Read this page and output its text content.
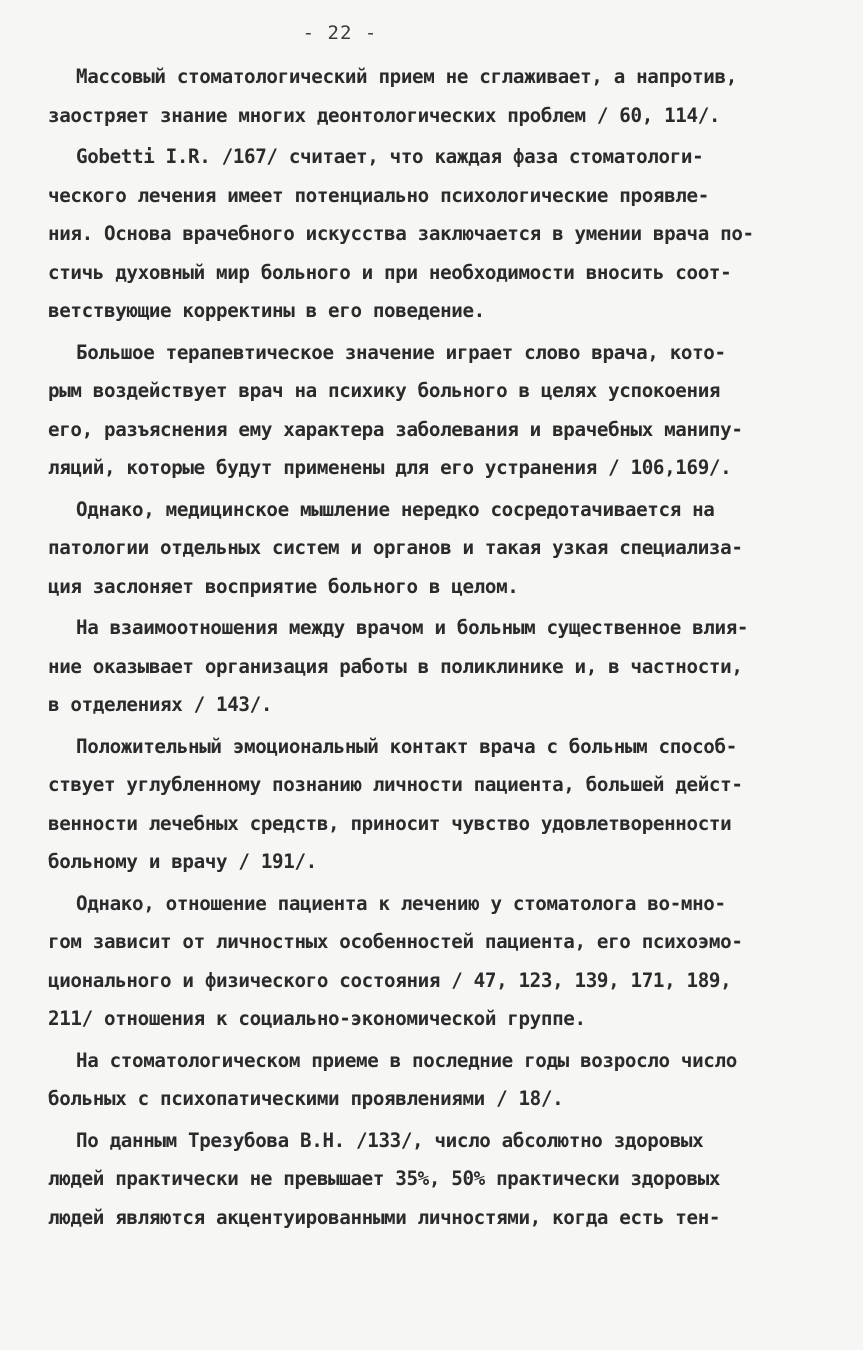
- 22 -

Массовый стоматологический прием не сглаживает, а напротив,
заостряет знание многих деонтологических проблем / 60, 114/.

Gobetti I.R. /167/ считает, что каждая фаза стоматологи-
ческого лечения имеет потенциально психологические проявле-
ния. Основа врачебного искусства заключается в умении врача по-
стичь духовный мир больного и при необходимости вносить соот-
ветствующие корректины в его поведение.

Большое терапевтическое значение играет слово врача, кото-
рым воздействует врач на психику больного в целях успокоения
его, разъяснения ему характера заболевания и врачебных манипу-
ляций, которые будут применены для его устранения / 106,169/.

Однако, медицинское мышление нередко сосредотачивается на
патологии отдельных систем и органов и такая узкая специализа-
ция заслоняет восприятие больного в целом.

На взаимоотношения между врачом и больным существенное влия-
ние оказывает организация работы в поликлинике и, в частности,
в отделениях / 143/.

Положительный эмоциональный контакт врача с больным способ-
ствует углубленному познанию личности пациента, большей дейст-
венности лечебных средств, приносит чувство удовлетворенности
больному и врачу / 191/.

Однако, отношение пациента к лечению у стоматолога во-мно-
гом зависит от личностных особенностей пациента, его психоэмо-
ционального и физического состояния / 47, 123, 139, 171, 189,
211/ отношения к социально-экономической группе.

На стоматологическом приеме в последние годы возросло число
больных с психопатическими проявлениями / 18/.

По данным Трезубова В.Н. /133/, число абсолютно здоровых
людей практически не превышает 35%, 50% практически здоровых
людей являются акцентуированными личностями, когда есть тен-
